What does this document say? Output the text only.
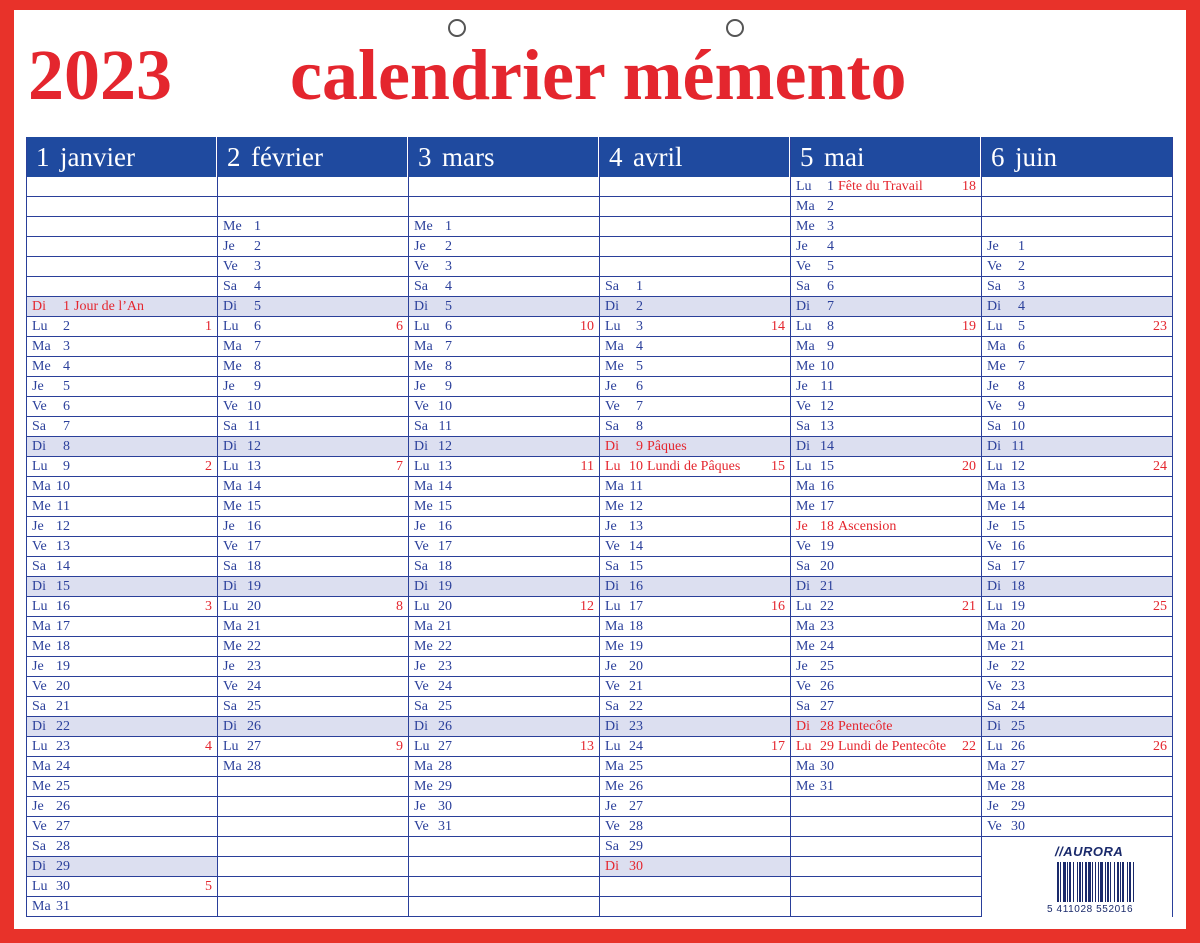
2023 calendrier mémento
1 janvier
Di	1 Jour de l’An
Lu	2	1
Ma 3
Me 4
Je	5
Ve	6
Sa	7
Di	8
Lu	9	2
Ma 10
Me 11
Je 12
Ve 13
Sa 14
Di 15
Lu 16	3
Ma 17
Me 18
Je 19
Ve 20
Sa 21
Di 22
Lu 23	4
Ma 24
Me 25
Je 26
Ve 27
Sa 28
Di 29
Lu 30	5
Ma 31
2 février
Me 1
Je	2
Ve	3
Sa	4
Di	5
Lu	6	6
Ma 7
Me 8
Je	9
Ve 10
Sa 11
Di 12
Lu 13	7
Ma 14
Me 15
Je 16
Ve 17
Sa 18
Di 19
Lu 20	8
Ma 21
Me 22
Je 23
Ve 24
Sa 25
Di 26
Lu 27	9
Ma 28
3 mars
Me 1
Je	2
Ve	3
Sa	4
Di	5
Lu	6	10
Ma 7
Me 8
Je	9
Ve 10
Sa 11
Di 12
Lu 13	11
Ma 14
Me 15
Je 16
Ve 17
Sa 18
Di 19
Lu 20	12
Ma 21
Me 22
Je 23
Ve 24
Sa 25
Di 26
Lu 27	13
Ma 28
Me 29
Je 30
Ve 31
4 avril
Sa	1
Di	2
Lu	3	14
Ma 4
Me 5
Je	6
Ve	7
Sa	8
Di	9 Pâques
Lu 10 Lundi de Pâques 15
Ma 11
Me 12
Je 13
Ve 14
Sa 15
Di 16
Lu 17	16
Ma 18
Me 19
Je 20
Ve 21
Sa 22
Di 23
Lu 24	17
Ma 25
Me 26
Je 27
Ve 28
Sa 29
Di 30
5 mai
Lu	1 Fête du Travail	18
Ma 2
Me 3
Je	4
Ve	5
Sa	6
Di	7
Lu	8	19
Ma 9
Me 10
Je 11
Ve 12
Sa 13
Di 14
Lu 15	20
Ma 16
Me 17
Je 18 Ascension
Ve 19
Sa 20
Di 21
Lu 22	21
Ma 23
Me 24
Je 25
Ve 26
Sa 27
Di 28 Pentecôte
Lu 29 Lundi de Pentecôte 22
Ma 30
Me 31
6 juin
Je	1
Ve	2
Sa	3
Di	4
Lu	5	23
Ma 6
Me 7
Je	8
Ve	9
Sa 10
Di 11
Lu 12	24
Ma 13
Me 14
Je 15
Ve 16
Sa 17
Di 18
Lu 19	25
Ma 20
Me 21
Je 22
Ve 23
Sa 24
Di 25
Lu 26	26
Ma 27
Me 28
Je 29
Ve 30
//AURORA
5 411028 552016
